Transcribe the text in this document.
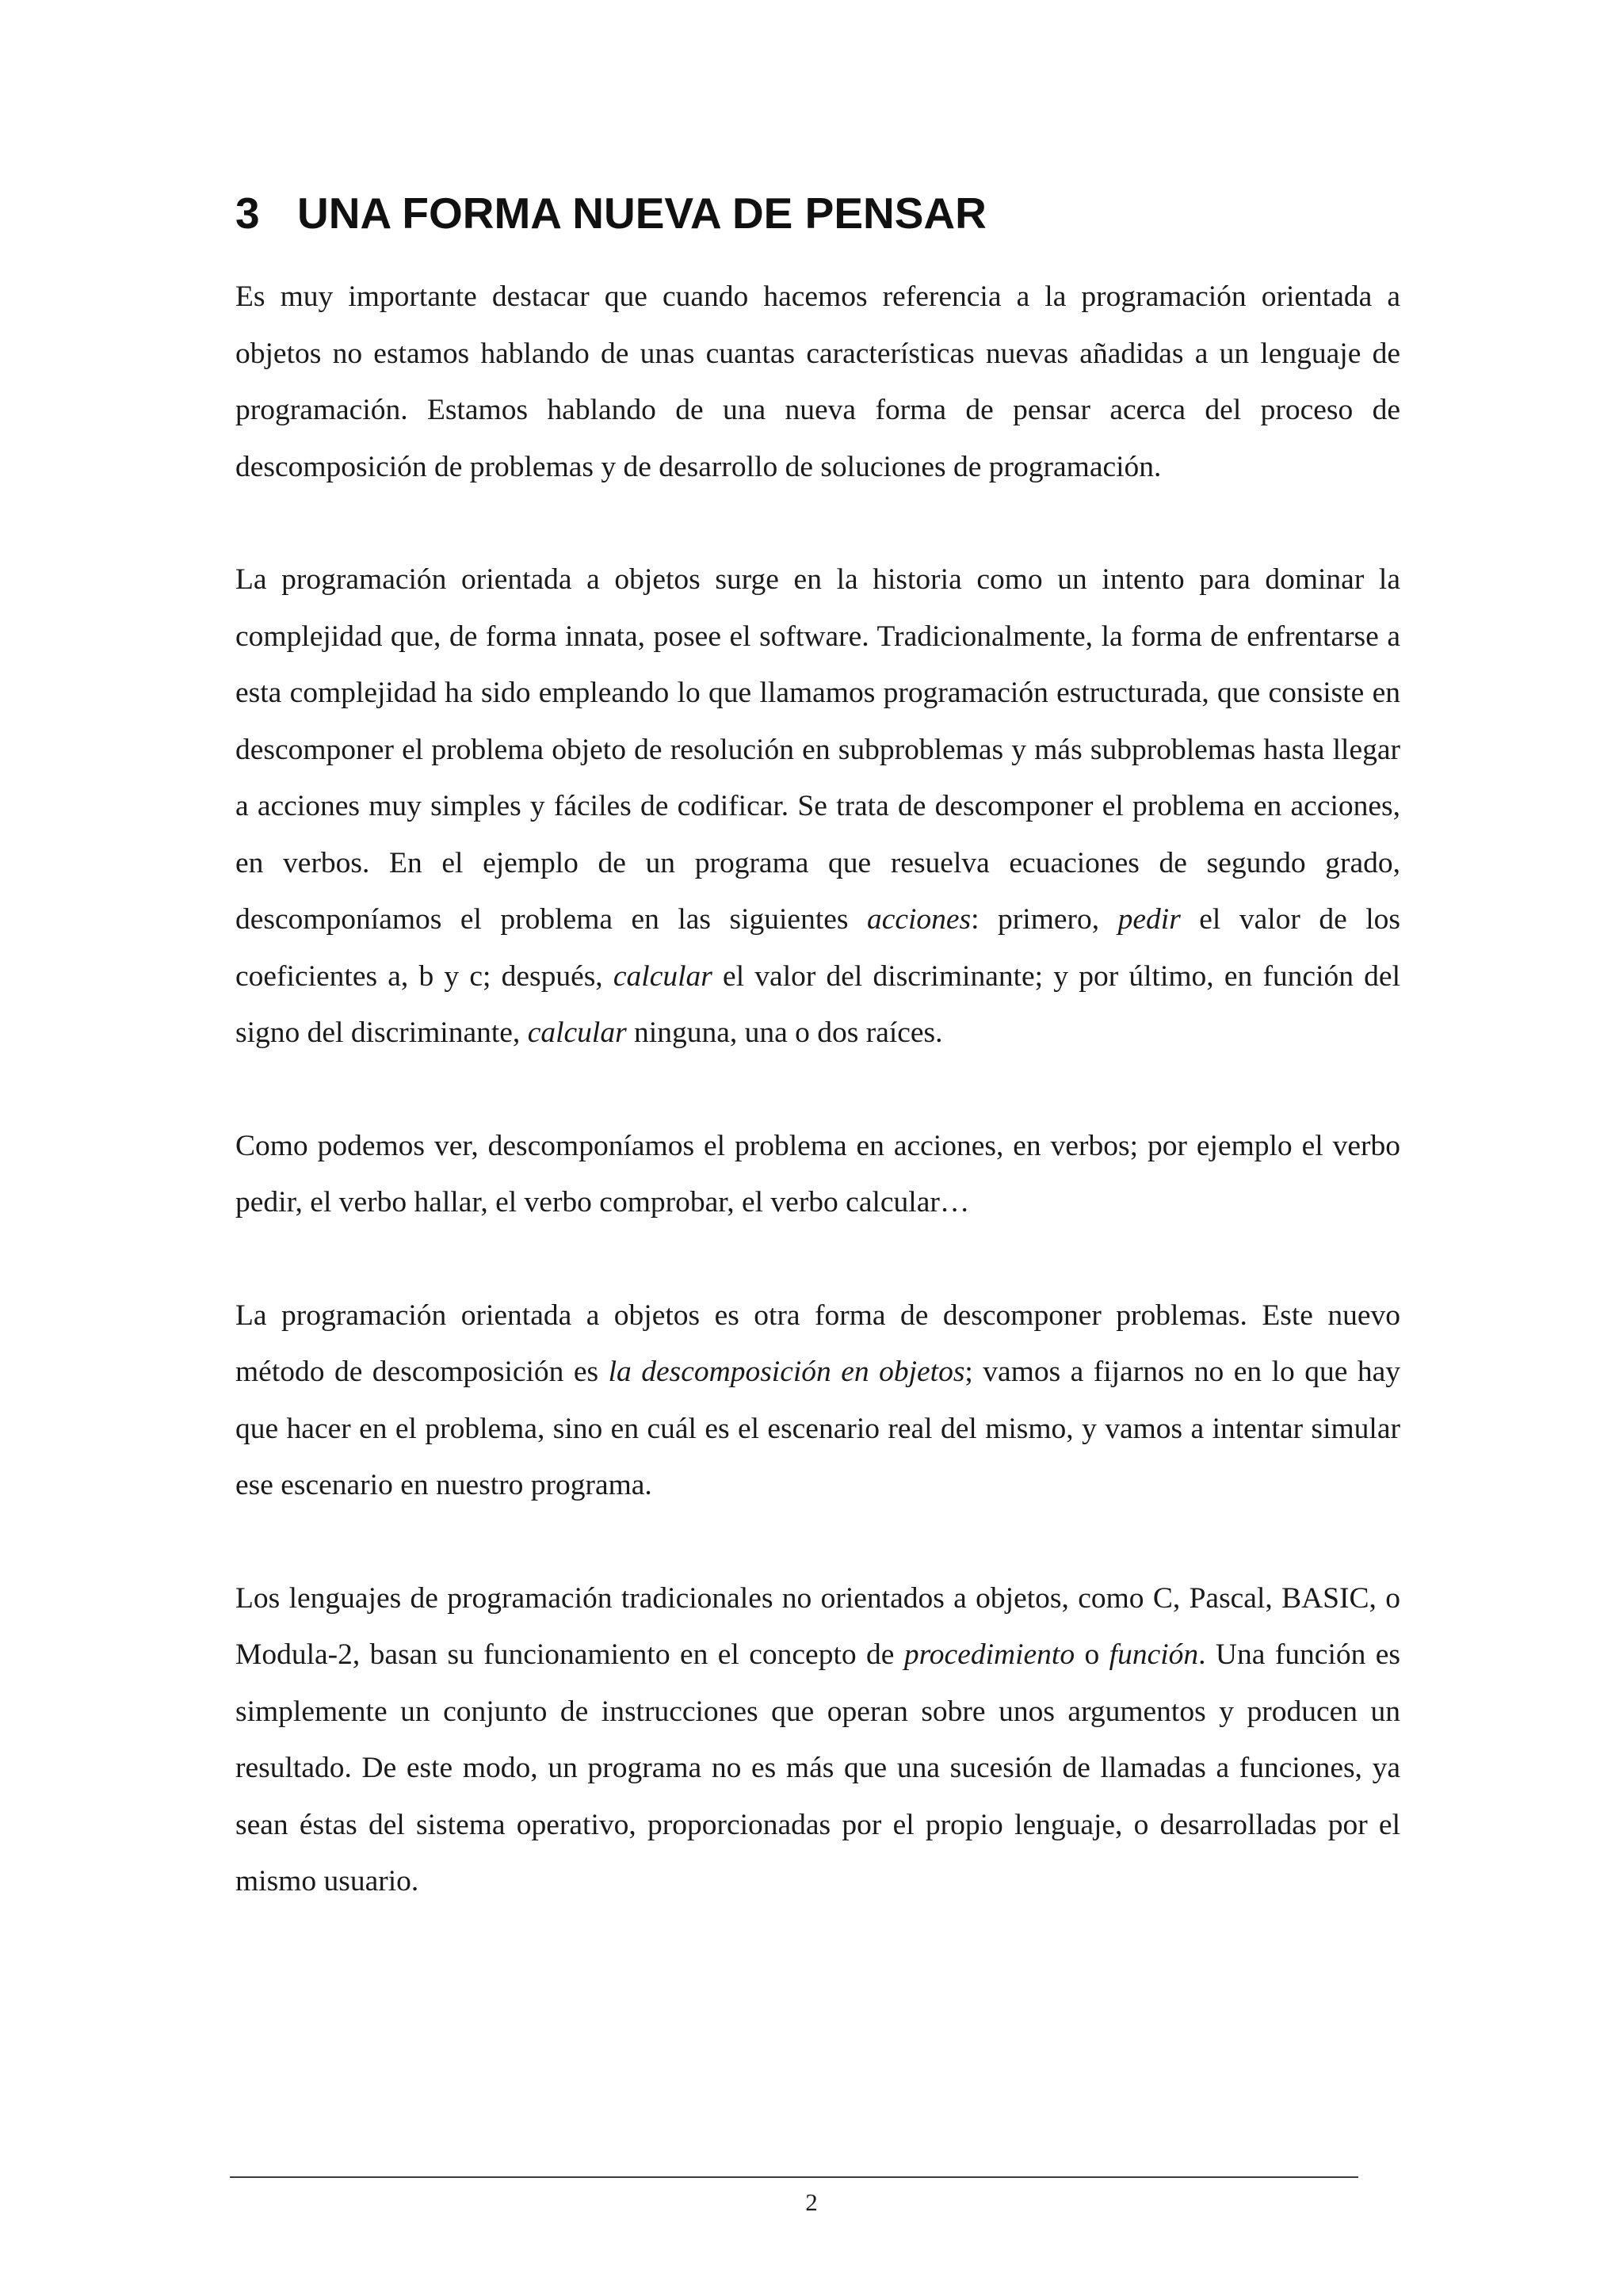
3 UNA FORMA NUEVA DE PENSAR

Es muy importante destacar que cuando hacemos referencia a la programación orientada a objetos no estamos hablando de unas cuantas características nuevas añadidas a un lenguaje de programación. Estamos hablando de una nueva forma de pensar acerca del proceso de descomposición de problemas y de desarrollo de soluciones de programación.

La programación orientada a objetos surge en la historia como un intento para dominar la complejidad que, de forma innata, posee el software. Tradicionalmente, la forma de enfrentarse a esta complejidad ha sido empleando lo que llamamos programación estructurada, que consiste en descomponer el problema objeto de resolución en subproblemas y más subproblemas hasta llegar a acciones muy simples y fáciles de codificar. Se trata de descomponer el problema en acciones, en verbos. En el ejemplo de un programa que resuelva ecuaciones de segundo grado, descomponíamos el problema en las siguientes acciones: primero, pedir el valor de los coeficientes a, b y c; después, calcular el valor del discriminante; y por último, en función del signo del discriminante, calcular ninguna, una o dos raíces.

Como podemos ver, descomponíamos el problema en acciones, en verbos; por ejemplo el verbo pedir, el verbo hallar, el verbo comprobar, el verbo calcular…

La programación orientada a objetos es otra forma de descomponer problemas. Este nuevo método de descomposición es la descomposición en objetos; vamos a fijarnos no en lo que hay que hacer en el problema, sino en cuál es el escenario real del mismo, y vamos a intentar simular ese escenario en nuestro programa.

Los lenguajes de programación tradicionales no orientados a objetos, como C, Pascal, BASIC, o Modula-2, basan su funcionamiento en el concepto de procedimiento o función. Una función es simplemente un conjunto de instrucciones que operan sobre unos argumentos y producen un resultado. De este modo, un programa no es más que una sucesión de llamadas a funciones, ya sean éstas del sistema operativo, proporcionadas por el propio lenguaje, o desarrolladas por el mismo usuario.

2
